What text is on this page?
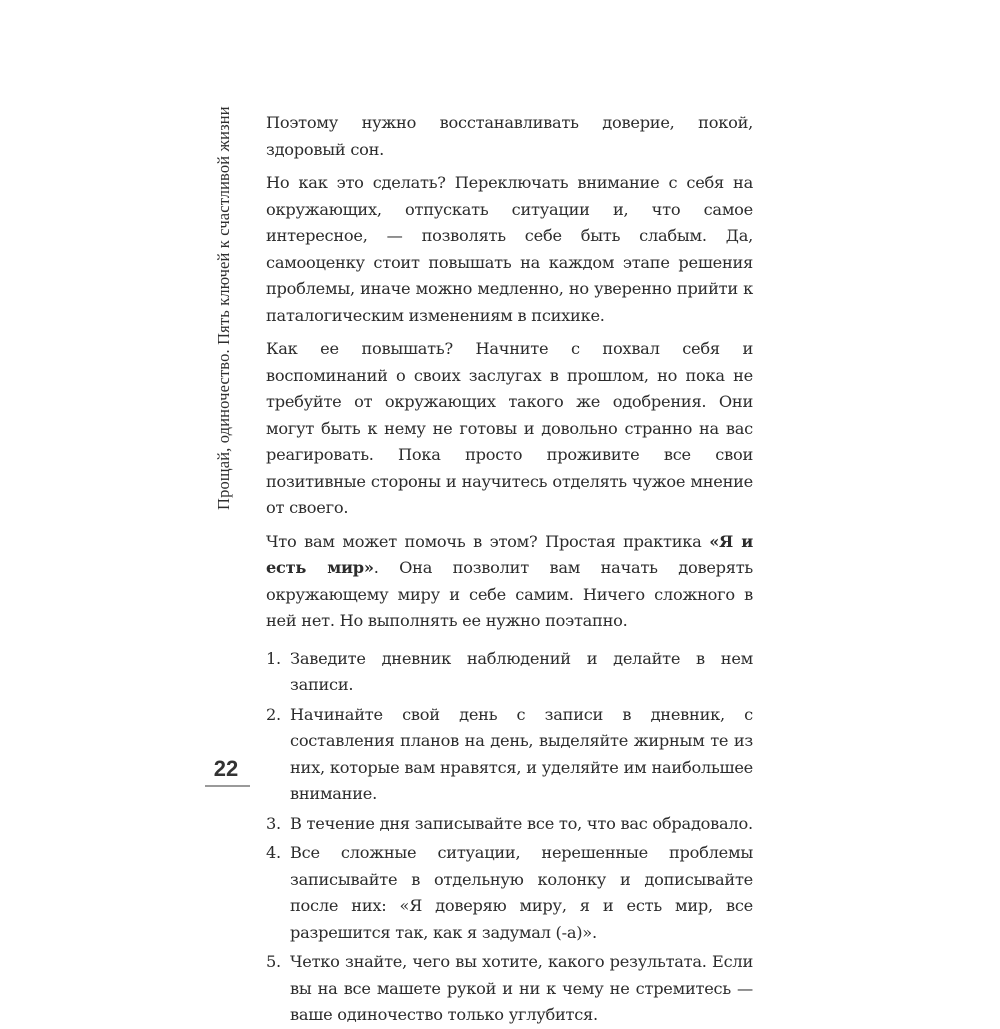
Прощай, одиночество. Пять ключей к счастливой жизни
22

Поэтому нужно восстанавливать доверие, покой, здоровый сон.

Но как это сделать? Переключать внимание с себя на окружающих, отпускать ситуации и, что самое интересное, — позволять себе быть слабым. Да, самооценку стоит повышать на каждом этапе решения проблемы, иначе можно медленно, но уверенно прийти к паталогическим изменениям в психике.

Как ее повышать? Начните с похвал себя и воспоминаний о своих заслугах в прошлом, но пока не требуйте от окружающих такого же одобрения. Они могут быть к нему не готовы и довольно странно на вас реагировать. Пока просто проживите все свои позитивные стороны и научитесь отделять чужое мнение от своего.

Что вам может помочь в этом? Простая практика «Я и есть мир». Она позволит вам начать доверять окружающему миру и себе самим. Ничего сложного в ней нет. Но выполнять ее нужно поэтапно.

1. Заведите дневник наблюдений и делайте в нем записи.
2. Начинайте свой день с записи в дневник, с составления планов на день, выделяйте жирным те из них, которые вам нравятся, и уделяйте им наибольшее внимание.
3. В течение дня записывайте все то, что вас обрадовало.
4. Все сложные ситуации, нерешенные проблемы записывайте в отдельную колонку и дописывайте после них: «Я доверяю миру, я и есть мир, все разрешится так, как я задумал (-а)».
5. Четко знайте, чего вы хотите, какого результата. Если вы на все машете рукой и ни к чему не стремитесь — ваше одиночество только углубится.
